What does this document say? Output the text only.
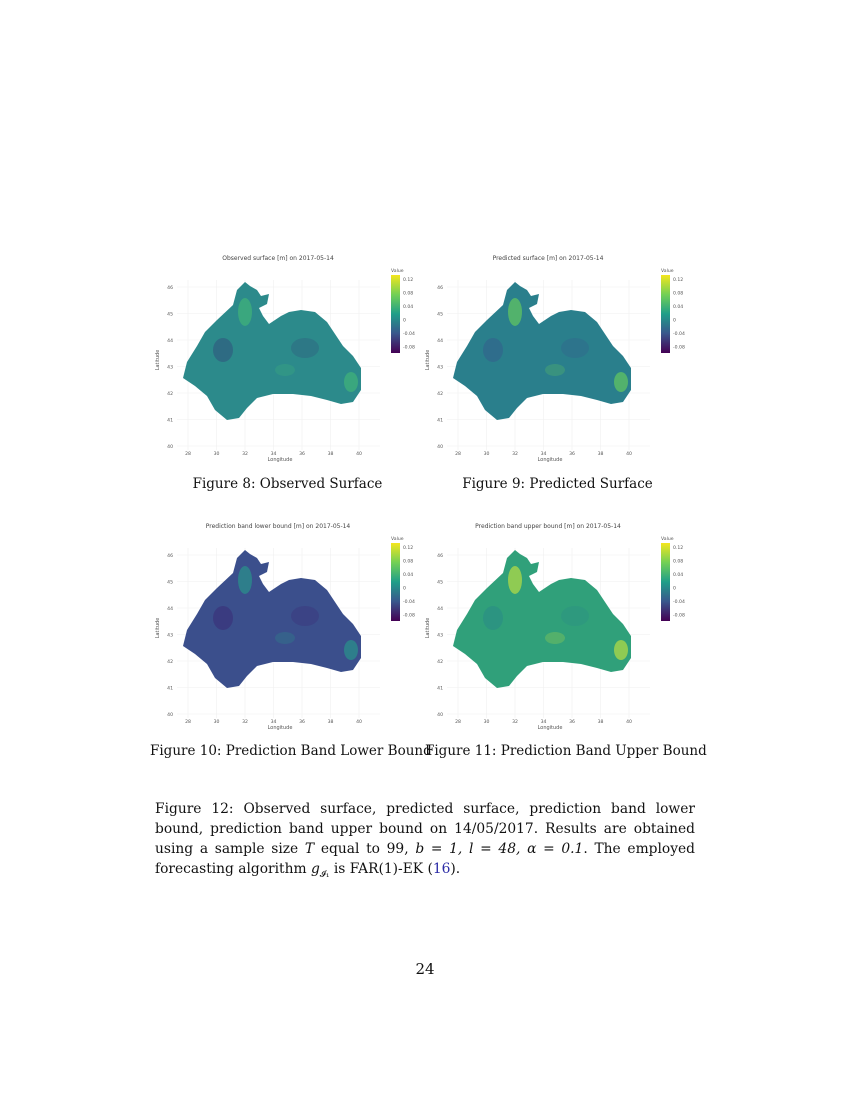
Observed surface [m] on 2017-05-14
46
45
44
43
42
41
40
28	30	32	34	36	38	40
Latitude
Longitude
Value
0.12
0.08
0.04
0
-0.04
-0.08
Predicted surface [m] on 2017-05-14
46
45
44
43
42
41
40
28	30	32	34	36	38	40
Latitude
Longitude
Value
0.12
0.08
0.04
0
-0.04
-0.08
Prediction band lower bound [m] on 2017-05-14
46
45
44
43
42
41
40
28	30	32	34	36	38	40
Latitude
Longitude
Value
0.12
0.08
0.04
0
-0.04
-0.08
Prediction band upper bound [m] on 2017-05-14
46
45
44
43
42
41
40
28	30	32	34	36	38	40
Latitude
Longitude
Value
0.12
0.08
0.04
0
-0.04
-0.08
Figure 8: Observed Surface	Figure 9: Predicted Surface
Figure 10: Prediction Band Lower Bound
Figure 11: Prediction Band Upper Bound
Figure 12: Observed surface, predicted surface, prediction band lower bound, prediction band upper bound on 14/05/2017. Results are obtained using a sample size T equal to 99, b = 1, l = 48, α = 0.1. The employed forecasting algorithm $g_{𝓘_1}$ is FAR(1)-EK (16).
24
